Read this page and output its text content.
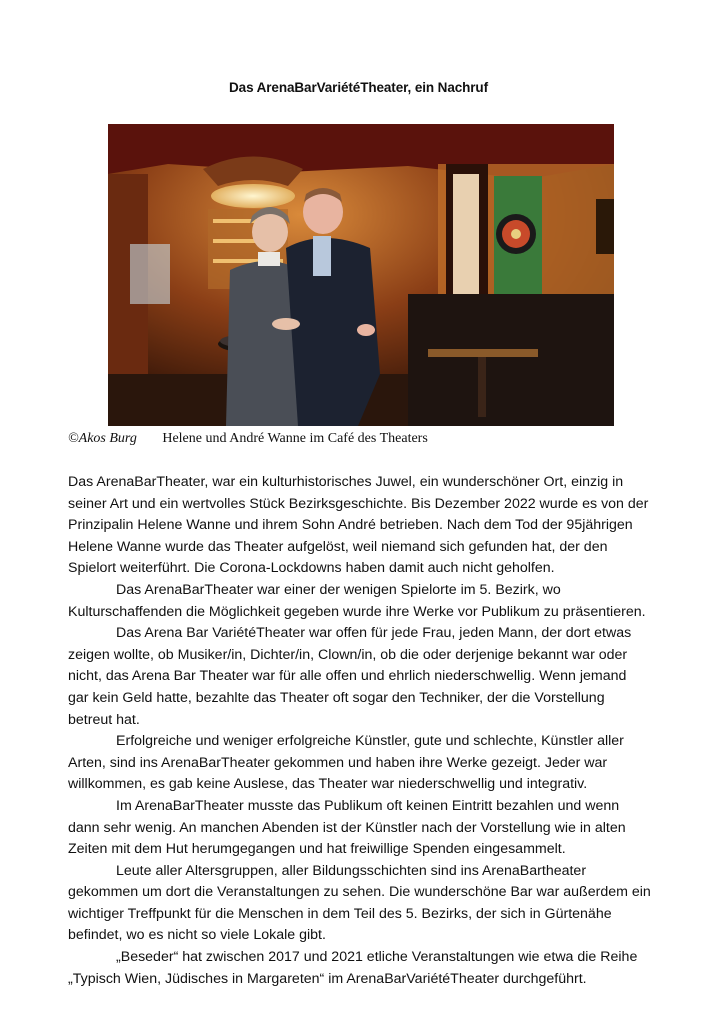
Das ArenaBarVariétéTheater, ein Nachruf
©Akos Burg Helene und André Wanne im Café des Theaters

Das ArenaBarTheater, war ein kulturhistorisches Juwel, ein wunderschöner Ort, einzig in
seiner Art und ein wertvolles Stück Bezirksgeschichte. Bis Dezember 2022 wurde es von der
Prinzipalin Helene Wanne und ihrem Sohn André betrieben. Nach dem Tod der 95jährigen
Helene Wanne wurde das Theater aufgelöst, weil niemand sich gefunden hat, der den
Spielort weiterführt. Die Corona-Lockdowns haben damit auch nicht geholfen.

Das ArenaBarTheater war einer der wenigen Spielorte im 5. Bezirk, wo
Kulturschaffenden die Möglichkeit gegeben wurde ihre Werke vor Publikum zu präsentieren.

Das Arena Bar VariétéTheater war offen für jede Frau, jeden Mann, der dort etwas
zeigen wollte, ob Musiker/in, Dichter/in, Clown/in, ob die oder derjenige bekannt war oder
nicht, das Arena Bar Theater war für alle offen und ehrlich niederschwellig. Wenn jemand
gar kein Geld hatte, bezahlte das Theater oft sogar den Techniker, der die Vorstellung
betreut hat.

Erfolgreiche und weniger erfolgreiche Künstler, gute und schlechte, Künstler aller
Arten, sind ins ArenaBarTheater gekommen und haben ihre Werke gezeigt. Jeder war
willkommen, es gab keine Auslese, das Theater war niederschwellig und integrativ.

Im ArenaBarTheater musste das Publikum oft keinen Eintritt bezahlen und wenn
dann sehr wenig. An manchen Abenden ist der Künstler nach der Vorstellung wie in alten
Zeiten mit dem Hut herumgegangen und hat freiwillige Spenden eingesammelt.

Leute aller Altersgruppen, aller Bildungsschichten sind ins ArenaBartheater
gekommen um dort die Veranstaltungen zu sehen. Die wunderschöne Bar war außerdem ein
wichtiger Treffpunkt für die Menschen in dem Teil des 5. Bezirks, der sich in Gürtenähe
befindet, wo es nicht so viele Lokale gibt.

„Beseder“ hat zwischen 2017 und 2021 etliche Veranstaltungen wie etwa die Reihe
„Typisch Wien, Jüdisches in Margareten“ im ArenaBarVariétéTheater durchgeführt.
